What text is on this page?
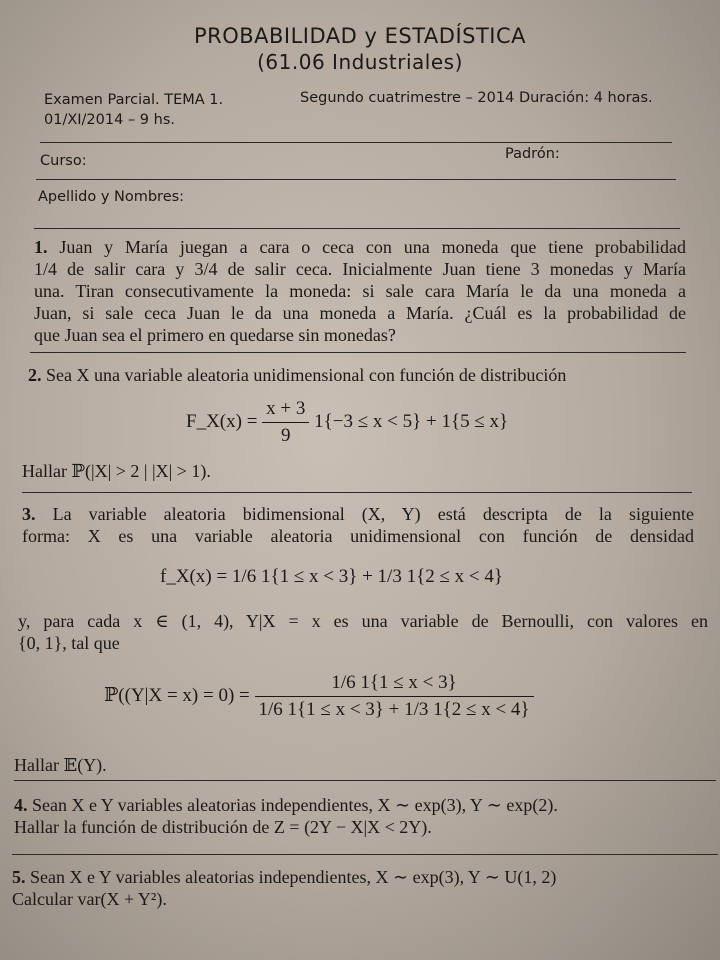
PROBABILIDAD y ESTADÍSTICA
(61.06 Industriales)
Examen Parcial. TEMA 1.
01/XI/2014 – 9 hs.
Segundo cuatrimestre – 2014 Duración: 4 horas.
Padrón:
Curso:
Apellido y Nombres:
1. Juan y María juegan a cara o ceca con una moneda que tiene probabilidad
1/4 de salir cara y 3/4 de salir ceca. Inicialmente Juan tiene 3 monedas y María
una. Tiran consecutivamente la moneda: si sale cara María le da una moneda a
Juan, si sale ceca Juan le da una moneda a María. ¿Cuál es la probabilidad de
que Juan sea el primero en quedarse sin monedas?
2. Sea X una variable aleatoria unidimensional con función de distribución
F_X(x) = $\frac{x + 3}{9} 1\{-3 \le x < 5\} + 1\{5 \le x\}$
Hallar ℙ(|X| > 2 | |X| > 1).
3. La variable aleatoria bidimensional (X, Y) está descripta de la siguiente
forma: X es una variable aleatoria unidimensional con función de densidad
f_X(x) = 1/6 1{1 ≤ x < 3} + 1/3 1{2 ≤ x < 4}
y, para cada x ∈ (1, 4), Y|X = x es una variable de Bernoulli, con valores en
{0, 1}, tal que
ℙ((Y|X = $x) = 0) = \frac{1/6 1\{1 \le x < 3\}}{1/6 1\{1 \le x < 3\} + 1/3 1\{2 \le x < 4\}}$
Hallar 𝔼(Y).
4. Sean X e Y variables aleatorias independientes, X ∼ exp(3), Y ∼ exp(2).
Hallar la función de distribución de Z = (2Y − X|X < 2Y).
5. Sean X e Y variables aleatorias independientes, X ∼ exp(3), Y ∼ U(1, 2)
Calcular var(X + Y²).
